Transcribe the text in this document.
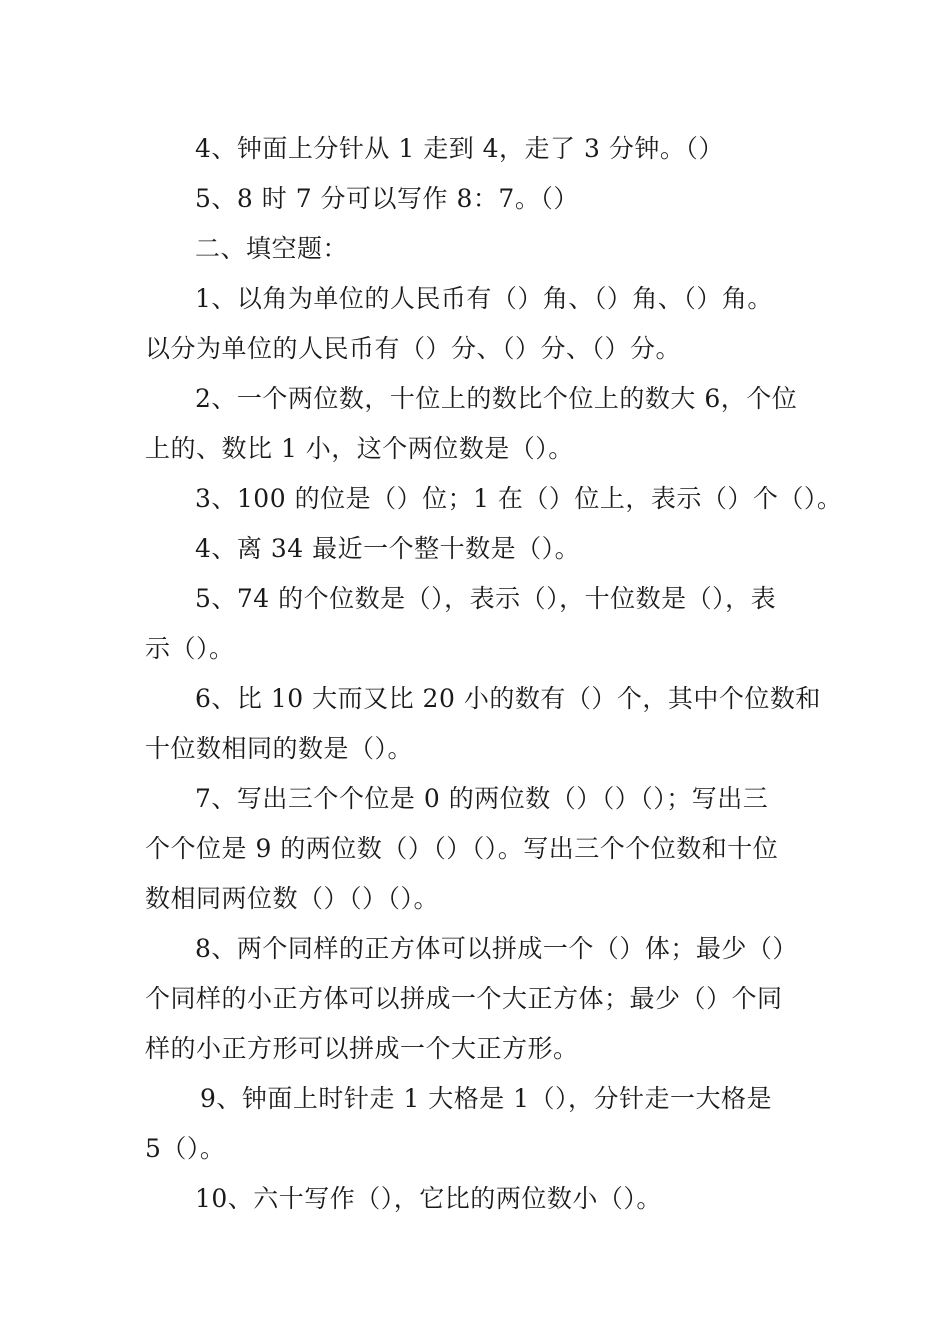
4、钟面上分针从 1 走到 4，走了 3 分钟。（）
5、8 时 7 分可以写作 8：7。（）
二、填空题：
1、以角为单位的人民币有（）角、（）角、（）角。
以分为单位的人民币有（）分、（）分、（）分。
2、一个两位数，十位上的数比个位上的数大 6，个位
上的、数比 1 小，这个两位数是（）。
3、100 的位是（）位；1 在（）位上，表示（）个（）。
4、离 34 最近一个整十数是（）。
5、74 的个位数是（），表示（），十位数是（），表
示（）。
6、比 10 大而又比 20 小的数有（）个，其中个位数和
十位数相同的数是（）。
7、写出三个个位是 0 的两位数（）（）（）；写出三
个个位是 9 的两位数（）（）（）。写出三个个位数和十位
数相同两位数（）（）（）。
8、两个同样的正方体可以拼成一个（）体；最少（）
个同样的小正方体可以拼成一个大正方体；最少（）个同
样的小正方形可以拼成一个大正方形。
9、钟面上时针走 1 大格是 1（），分针走一大格是
5（）。
10、六十写作（），它比的两位数小（）。
